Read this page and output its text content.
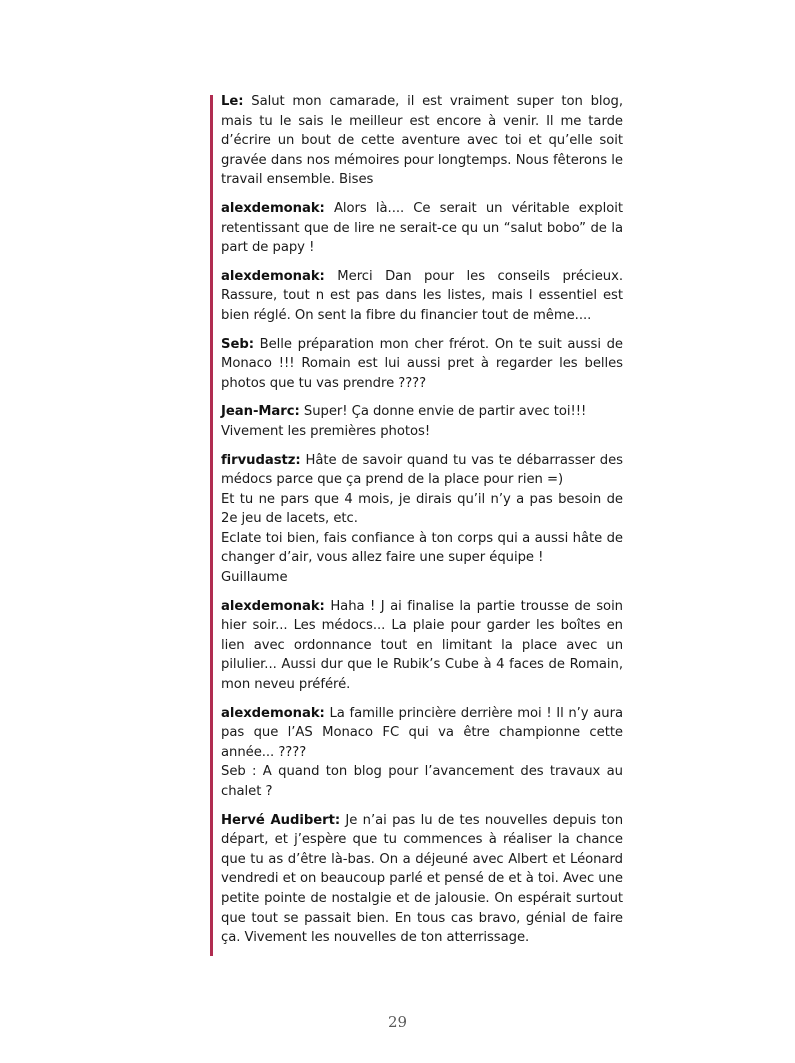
Le: Salut mon camarade, il est vraiment super ton blog, mais tu le sais le meilleur est encore à venir. Il me tarde d’écrire un bout de cette aventure avec toi et qu’elle soit gravée dans nos mémoires pour longtemps. Nous fêterons le travail ensemble. Bises

alexdemonak: Alors là.... Ce serait un véritable exploit retentissant que de lire ne serait-ce qu un “salut bobo” de la part de papy !

alexdemonak: Merci Dan pour les conseils précieux. Rassure, tout n est pas dans les listes, mais l essentiel est bien réglé. On sent la fibre du financier tout de même....

Seb: Belle préparation mon cher frérot. On te suit aussi de Monaco !!! Romain est lui aussi pret à regarder les belles photos que tu vas prendre ????

Jean-Marc: Super! Ça donne envie de partir avec toi!!!
Vivement les premières photos!

firvudastz: Hâte de savoir quand tu vas te débarrasser des médocs parce que ça prend de la place pour rien =)
Et tu ne pars que 4 mois, je dirais qu’il n’y a pas besoin de 2e jeu de lacets, etc.
Eclate toi bien, fais confiance à ton corps qui a aussi hâte de changer d’air, vous allez faire une super équipe !
Guillaume

alexdemonak: Haha ! J ai finalise la partie trousse de soin hier soir... Les médocs... La plaie pour garder les boîtes en lien avec ordonnance tout en limitant la place avec un pilulier... Aussi dur que le Rubik’s Cube à 4 faces de Romain, mon neveu préféré.

alexdemonak: La famille princière derrière moi ! Il n’y aura pas que l’AS Monaco FC qui va être championne cette année... ????
Seb : A quand ton blog pour l’avancement des travaux au chalet ?

Hervé Audibert: Je n’ai pas lu de tes nouvelles depuis ton départ, et j’espère que tu commences à réaliser la chance que tu as d’être là-bas. On a déjeuné avec Albert et Léonard vendredi et on beaucoup parlé et pensé de et à toi. Avec une petite pointe de nostalgie et de jalousie. On espérait surtout que tout se passait bien. En tous cas bravo, génial de faire ça. Vivement les nouvelles de ton atterrissage.

29
